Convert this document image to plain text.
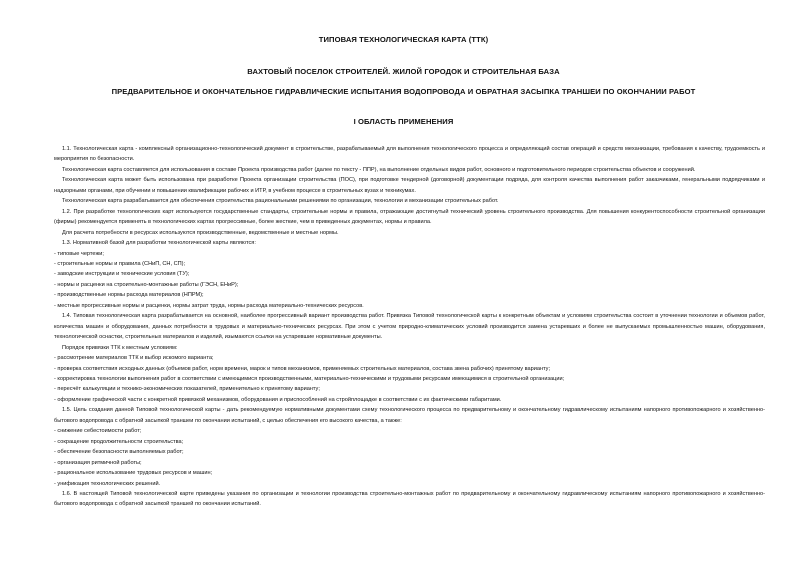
ТИПОВАЯ ТЕХНОЛОГИЧЕСКАЯ КАРТА (ТТК)
ВАХТОВЫЙ ПОСЕЛОК СТРОИТЕЛЕЙ. ЖИЛОЙ ГОРОДОК И СТРОИТЕЛЬНАЯ БАЗА
ПРЕДВАРИТЕЛЬНОЕ И ОКОНЧАТЕЛЬНОЕ ГИДРАВЛИЧЕСКИЕ ИСПЫТАНИЯ ВОДОПРОВОДА И ОБРАТНАЯ ЗАСЫПКА ТРАНШЕИ ПО ОКОНЧАНИИ РАБОТ
I ОБЛАСТЬ ПРИМЕНЕНИЯ

1.1. Технологическая карта - комплексный организационно-технологический документ в строительстве, разрабатываемый для выполнения технологического процесса и определяющий состав операций и средств механизации, требования к качеству, трудоемкость и мероприятия по безопасности.

Технологическая карта составляется для использования в составе Проекта производства работ (далее по тексту - ППР), на выполнение отдельных видов работ, основного и подготовительного периодов строительства объектов и сооружений.

Технологическая карта может быть использована при разработке Проекта организации строительства (ПОС), при подготовке тендерной (договорной) документации подряда, для контроля качества выполнения работ заказчиками, генеральными подрядчиками и надзорными органами, при обучении и повышении квалификации рабочих и ИТР, в учебном процессе в строительных вузах и техникумах.

Технологическая карта разрабатывается для обеспечения строительства рациональными решениями по организации, технологии и механизации строительных работ.

1.2. При разработке технологических карт используются государственные стандарты, строительные нормы и правила, отражающие достигнутый технический уровень строительного производства. Для повышения конкурентоспособности строительной организации (фирмы) рекомендуется применять в технологических картах прогрессивные, более жесткие, чем в приведенных документах, нормы и правила.

Для расчета потребности в ресурсах используются производственные, ведомственные и местные нормы.

1.3. Нормативной базой для разработки технологической карты являются:

- типовые чертежи;

- строительные нормы и правила (СНиП, СН, СП);

- заводские инструкции и технические условия (ТУ);

- нормы и расценки на строительно-монтажные работы (ГЭСН, ЕНиР);

- производственные нормы расхода материалов (НПРМ);

- местные прогрессивные нормы и расценки, нормы затрат труда, нормы расхода материально-технических ресурсов.

1.4. Типовая технологическая карта разрабатывается на основной, наиболее прогрессивный вариант производства работ. Привязка Типовой технологической карты к конкретным объектам и условиям строительства состоит в уточнении технологии и объемов работ, количества машин и оборудования, данных потребности в трудовых и материально-технических ресурсах. При этом с учетом природно-климатических условий производится замена устаревших и более не выпускаемых промышленностью машин, оборудования, технологической оснастки, строительных материалов и изделий, изымаются ссылки на устаревшие нормативные документы.

Порядок привязки ТТК к местным условиям:

- рассмотрение материалов ТТК и выбор искомого варианта;

- проверка соответствия исходных данных (объемов работ, норм времени, марок и типов механизмов, применяемых строительных материалов, состава звена рабочих) принятому варианту;

- корректировка технологии выполнения работ в соответствии с имеющимися производственными, материально-техническими и трудовыми ресурсами имеющимися в строительной организации;

- пересчёт калькуляции и технико-экономических показателей, применительно к принятому варианту;

- оформление графической части с конкретной привязкой механизмов, оборудования и приспособлений на стройплощадке в соответствии с их фактическими габаритами.

1.5. Цель создания данной Типовой технологической карты - дать рекомендуемую нормативными документами схему технологического процесса по предварительному и окончательному гидравлическому испытаниям напорного противопожарного и хозяйственно-бытового водопровода с обратной засыпкой траншеи по окончании испытаний, с целью обеспечения его высокого качества, а также:

- снижение себестоимости работ;

- сокращение продолжительности строительства;

- обеспечение безопасности выполняемых работ;

- организация ритмичной работы;

- рациональное использование трудовых ресурсов и машин;

- унификация технологических решений.

1.6. В настоящей Типовой технологической карте приведены указания по организации и технологии производства строительно-монтажных работ по предварительному и окончательному гидравлическому испытаниям напорного противопожарного и хозяйственно-бытового водопровода с обратной засыпкой траншей по окончании испытаний.
